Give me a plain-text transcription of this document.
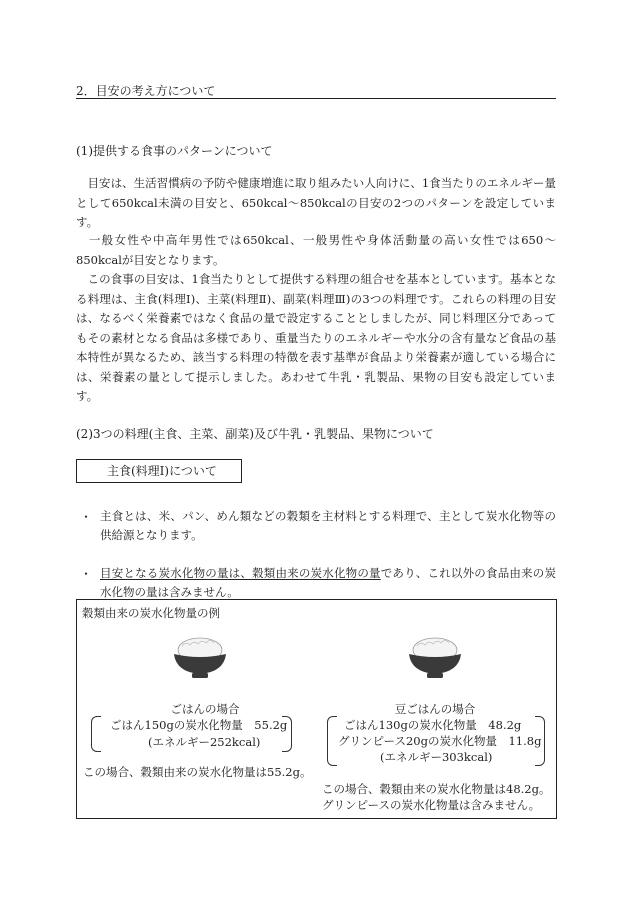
2．目安の考え方について
(1)提供する食事のパターンについて
　目安は、生活習慣病の予防や健康増進に取り組みたい人向けに、1食当たりのエネルギー量として650kcal未満の目安と、650kcal～850kcalの目安の2つのパターンを設定しています。
　一般女性や中高年男性では650kcal、一般男性や身体活動量の高い女性では650～850kcalが目安となります。
　この食事の目安は、1食当たりとして提供する料理の組合せを基本としています。基本となる料理は、主食(料理Ⅰ)、主菜(料理Ⅱ)、副菜(料理Ⅲ)の3つの料理です。これらの料理の目安は、なるべく栄養素ではなく食品の量で設定することとしましたが、同じ料理区分であってもその素材となる食品は多様であり、重量当たりのエネルギーや水分の含有量など食品の基本特性が異なるため、該当する料理の特徴を表す基準が食品より栄養素が適している場合には、栄養素の量として提示しました。あわせて牛乳・乳製品、果物の目安も設定しています。
(2)3つの料理(主食、主菜、副菜)及び牛乳・乳製品、果物について
主食(料理Ⅰ)について
・ 主食とは、米、パン、めん類などの穀類を主材料とする料理で、主として炭水化物等の供給源となります。
・ 目安となる炭水化物の量は、穀類由来の炭水化物の量であり、これ以外の食品由来の炭水化物の量は含みません。
穀類由来の炭水化物量の例
ごはんの場合
ごはん150gの炭水化物量　55.2g
(エネルギー252kcal)
この場合、穀類由来の炭水化物量は55.2g。
豆ごはんの場合
ごはん130gの炭水化物量　48.2g
グリンピース20gの炭水化物量　11.8g
(エネルギー303kcal)
この場合、穀類由来の炭水化物量は48.2g。
グリンピースの炭水化物量は含みません。
